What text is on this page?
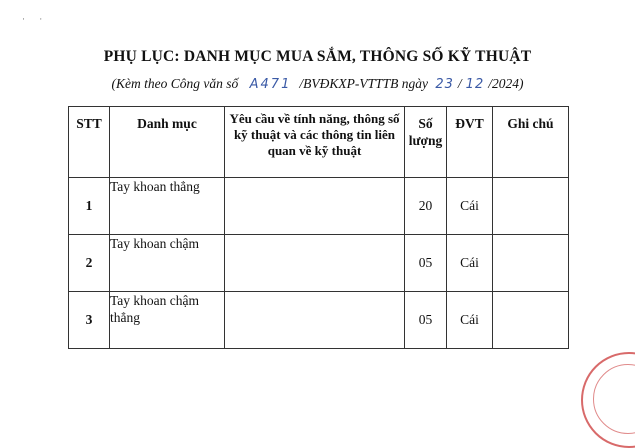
· ·
PHỤ LỤC: DANH MỤC MUA SẮM, THÔNG SỐ KỸ THUẬT
(Kèm theo Công văn số A471 /BVĐKXP-VTTTB ngày 23 / 12 /2024)
STT	Danh mục	Yêu cầu về tính năng, thông số kỹ thuật và các thông tin liên quan về kỹ thuật	Số lượng	ĐVT	Ghi chú
1	Tay khoan thẳng		20	Cái	
2	Tay khoan chậm		05	Cái	
3	Tay khoan chậm thẳng		05	Cái	
